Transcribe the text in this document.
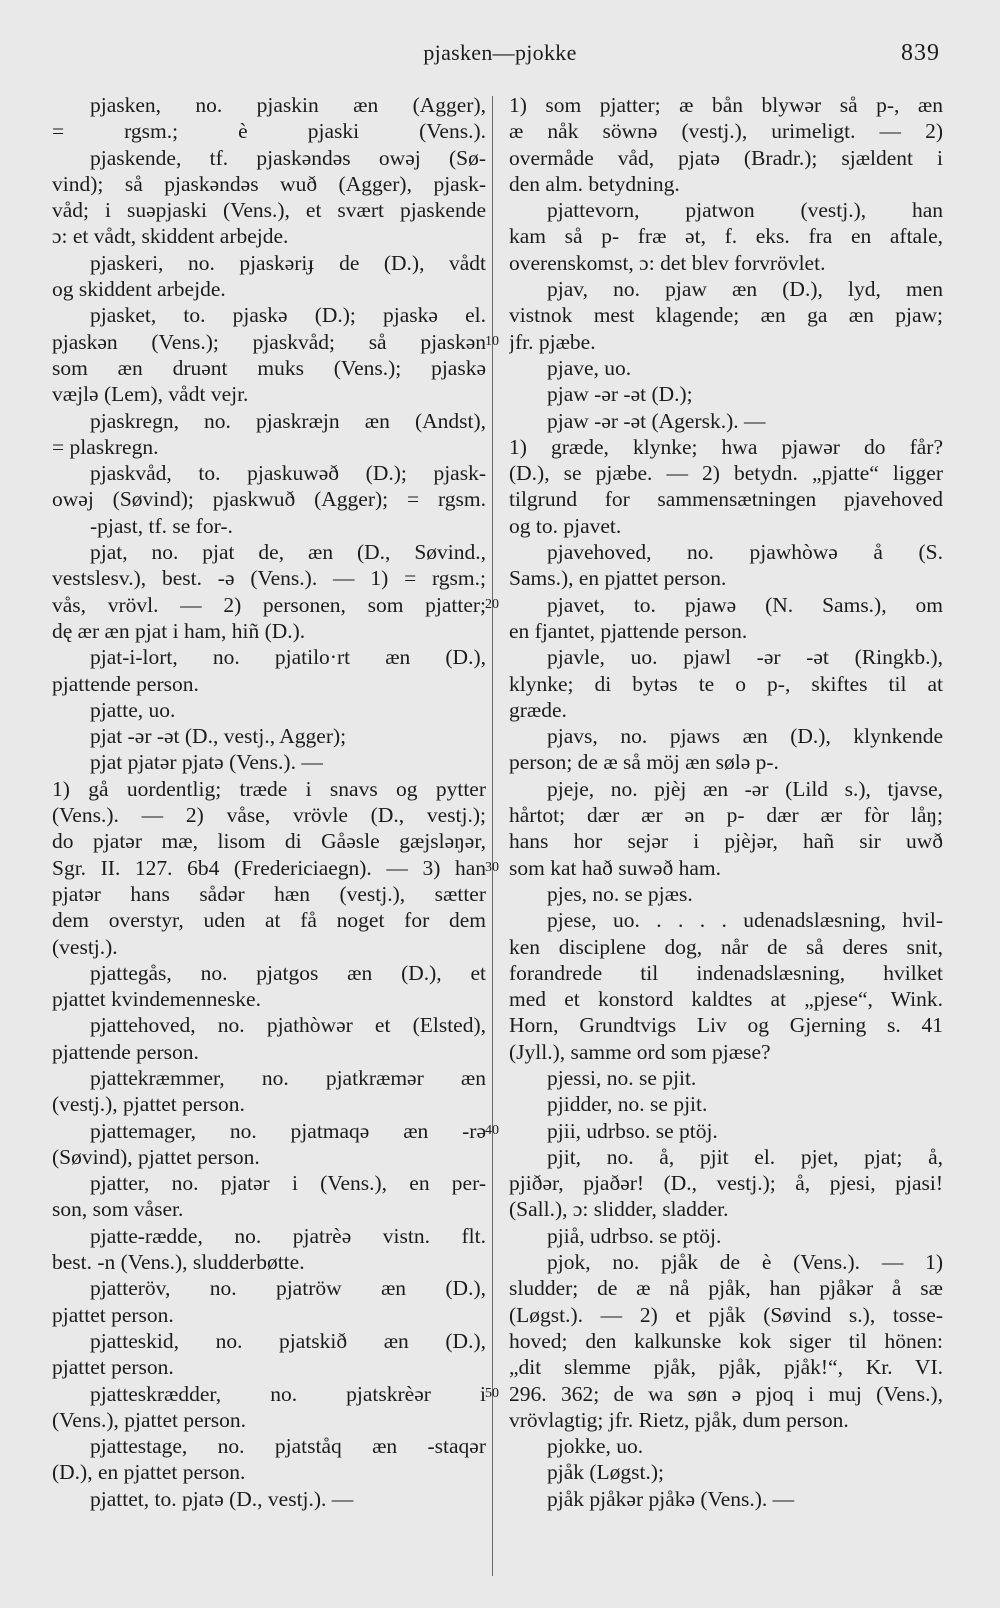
pjasken—pjokke	839
pjasken, no. pjaskin æn (Agger),
= rgsm.; è pjaski (Vens.).
pjaskende, tf. pjaskəndəs owəj (Sø-
vind); så pjaskəndəs wuð (Agger), pjask-
våd; i suəpjaski (Vens.), et svært pjaskende
ɔ: et vådt, skiddent arbejde.
pjaskeri, no. pjaskəriɟ de (D.), vådt
og skiddent arbejde.
pjasket, to. pjaskə (D.); pjaskə el.
pjaskən (Vens.); pjaskvåd; så pjaskən
som æn druənt muks (Vens.); pjaskə
væjlə (Lem), vådt vejr.
pjaskregn, no. pjaskræjn æn (Andst),
= plaskregn.
pjaskvåd, to. pjaskuwəð (D.); pjask-
owəj (Søvind); pjaskwuð (Agger); = rgsm.
-pjast, tf. se for-.
pjat, no. pjat de, æn (D., Søvind.,
vestslesv.), best. -ə (Vens.). — 1) = rgsm.;
vås, vrövl. — 2) personen, som pjatter;
dę ær æn pjat i ham, hiñ (D.).
pjat-i-lort, no. pjatilo·rt æn (D.),
pjattende person.
pjatte, uo.
pjat -ər -ət (D., vestj., Agger);
pjat pjatər pjatə (Vens.). —
1) gå uordentlig; træde i snavs og pytter
(Vens.). — 2) våse, vrövle (D., vestj.);
do pjatər mæ, lisom di Gåəsle gæjsləŋər,
Sgr. II. 127. 6b4 (Fredericiaegn). — 3) han
pjatər hans sådər hæn (vestj.), sætter
dem overstyr, uden at få noget for dem
(vestj.).
pjattegås, no. pjatgos æn (D.), et
pjattet kvindemenneske.
pjattehoved, no. pjathòwər et (Elsted),
pjattende person.
pjattekræmmer, no. pjatkræmər æn
(vestj.), pjattet person.
pjattemager, no. pjatmaqə æn -rə
(Søvind), pjattet person.
pjatter, no. pjatər i (Vens.), en per-
son, som våser.
pjatte-rædde, no. pjatrèə vistn. flt.
best. -n (Vens.), sludderbøtte.
pjatteröv, no. pjatröw æn (D.),
pjattet person.
pjatteskid, no. pjatskið æn (D.),
pjattet person.
pjatteskrædder, no. pjatskrèər i
(Vens.), pjattet person.
pjattestage, no. pjatståq æn -staqər
(D.), en pjattet person.
pjattet, to. pjatə (D., vestj.). —
1) som pjatter; æ bån blywər så p-, æn
æ nåk söwnə (vestj.), urimeligt. — 2)
overmåde våd, pjatə (Bradr.); sjældent i
den alm. betydning.
pjattevorn, pjatwon (vestj.), han
kam så p- fræ ət, f. eks. fra en aftale,
overenskomst, ɔ: det blev forvrövlet.
pjav, no. pjaw æn (D.), lyd, men
vistnok mest klagende; æn ga æn pjaw;
jfr. pjæbe.
pjave, uo.
pjaw -ər -ət (D.);
pjaw -ər -ət (Agersk.). —
1) græde, klynke; hwa pjawər do får?
(D.), se pjæbe. — 2) betydn. „pjatte“ ligger
tilgrund for sammensætningen pjavehoved
og to. pjavet.
pjavehoved, no. pjawhòwə å (S.
Sams.), en pjattet person.
pjavet, to. pjawə (N. Sams.), om
en fjantet, pjattende person.
pjavle, uo. pjawl -ər -ət (Ringkb.),
klynke; di bytəs te o p-, skiftes til at
græde.
pjavs, no. pjaws æn (D.), klynkende
person; de æ så möj æn sølə p-.
pjeje, no. pjèj æn -ər (Lild s.), tjavse,
hårtot; dær ær ən p- dær ær fòr låŋ;
hans hor sejər i pjèjər, hañ sir uwð
som kat hað suwəð ham.
pjes, no. se pjæs.
pjese, uo. . . . . udenadslæsning, hvil-
ken disciplene dog, når de så deres snit,
forandrede til indenadslæsning, hvilket
med et konstord kaldtes at „pjese“, Wink.
Horn, Grundtvigs Liv og Gjerning s. 41
(Jyll.), samme ord som pjæse?
pjessi, no. se pjit.
pjidder, no. se pjit.
pjii, udrbso. se ptöj.
pjit, no. å, pjit el. pjet, pjat; å,
pjiðər, pjaðər! (D., vestj.); å, pjesi, pjasi!
(Sall.), ɔ: slidder, sladder.
pjiå, udrbso. se ptöj.
pjok, no. pjåk de è (Vens.). — 1)
sludder; de æ nå pjåk, han pjåkər å sæ
(Løgst.). — 2) et pjåk (Søvind s.), tosse-
hoved; den kalkunske kok siger til hönen:
„dit slemme pjåk, pjåk, pjåk!“, Kr. VI.
296. 362; de wa søn ə pjoq i muj (Vens.),
vrövlagtig; jfr. Rietz, pjåk, dum person.
pjokke, uo.
pjåk (Løgst.);
pjåk pjåkər pjåkə (Vens.). —
10
20
30
40
50
